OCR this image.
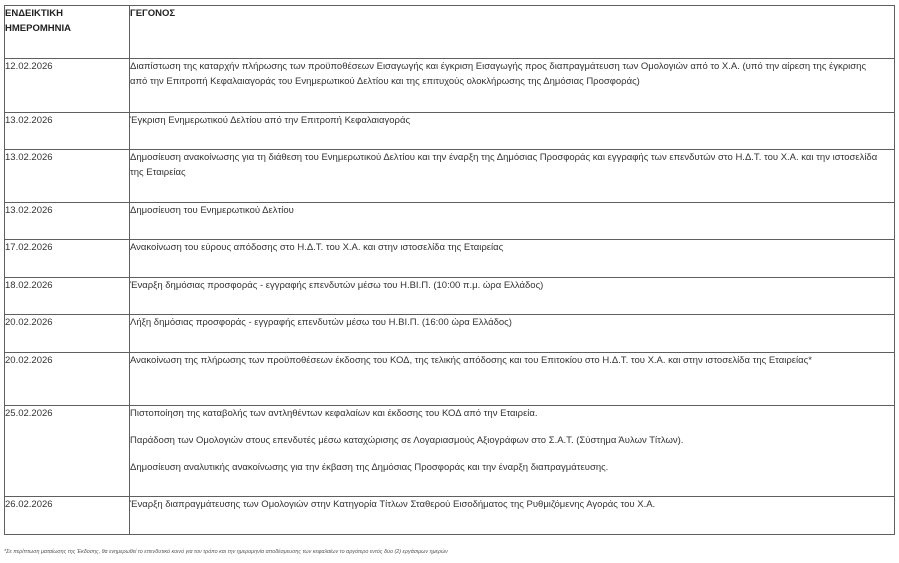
ΕΝΔΕΙΚΤΙΚΗ ΗΜΕΡΟΜΗΝΙΑ	ΓΕΓΟΝΟΣ
12.02.2026	Διαπίστωση της καταρχήν πλήρωσης των προϋποθέσεων Εισαγωγής και έγκριση Εισαγωγής προς διαπραγμάτευση των Ομολογιών από το Χ.Α. (υπό την αίρεση της έγκρισης από την Επιτροπή Κεφαλαιαγοράς του Ενημερωτικού Δελτίου και της επιτυχούς ολοκλήρωσης της Δημόσιας Προσφοράς)

13.02.2026	Έγκριση Ενημερωτικού Δελτίου από την Επιτροπή Κεφαλαιαγοράς

13.02.2026	Δημοσίευση ανακοίνωσης για τη διάθεση του Ενημερωτικού Δελτίου και την έναρξη της Δημόσιας Προσφοράς και εγγραφής των επενδυτών στο Η.Δ.Τ. του Χ.Α. και την ιστοσελίδα της Εταιρείας

13.02.2026	Δημοσίευση του Ενημερωτικού Δελτίου

17.02.2026	Ανακοίνωση του εύρους απόδοσης στο Η.Δ.Τ. του Χ.Α. και στην ιστοσελίδα της Εταιρείας

18.02.2026	Έναρξη δημόσιας προσφοράς - εγγραφής επενδυτών μέσω του Η.ΒΙ.Π. (10:00 π.μ. ώρα Ελλάδος)

20.02.2026	Λήξη δημόσιας προσφοράς - εγγραφής επενδυτών μέσω του Η.ΒΙ.Π. (16:00 ώρα Ελλάδος)

20.02.2026	Ανακοίνωση της πλήρωσης των προϋποθέσεων έκδοσης του ΚΟΔ, της τελικής απόδοσης και του Επιτοκίου στο Η.Δ.Τ. του Χ.Α. και στην ιστοσελίδα της Εταιρείας*

25.02.2026	Πιστοποίηση της καταβολής των αντληθέντων κεφαλαίων και έκδοσης του ΚΟΔ από την Εταιρεία.
Παράδοση των Ομολογιών στους επενδυτές μέσω καταχώρισης σε Λογαριασμούς Αξιογράφων στο Σ.Α.Τ. (Σύστημα Άυλων Τίτλων).
Δημοσίευση αναλυτικής ανακοίνωσης για την έκβαση της Δημόσιας Προσφοράς και την έναρξη διαπραγμάτευσης.

26.02.2026	Έναρξη διαπραγμάτευσης των Ομολογιών στην Κατηγορία Τίτλων Σταθερού Εισοδήματος της Ρυθμιζόμενης Αγοράς του Χ.Α.
*Σε περίπτωση ματαίωσης της Έκδοσης, θα ενημερωθεί το επενδυτικό κοινό για τον τρόπο και την ημερομηνία αποδέσμευσης των κεφαλαίων το αργότερο εντός δύο (2) εργάσιμων ημερών
